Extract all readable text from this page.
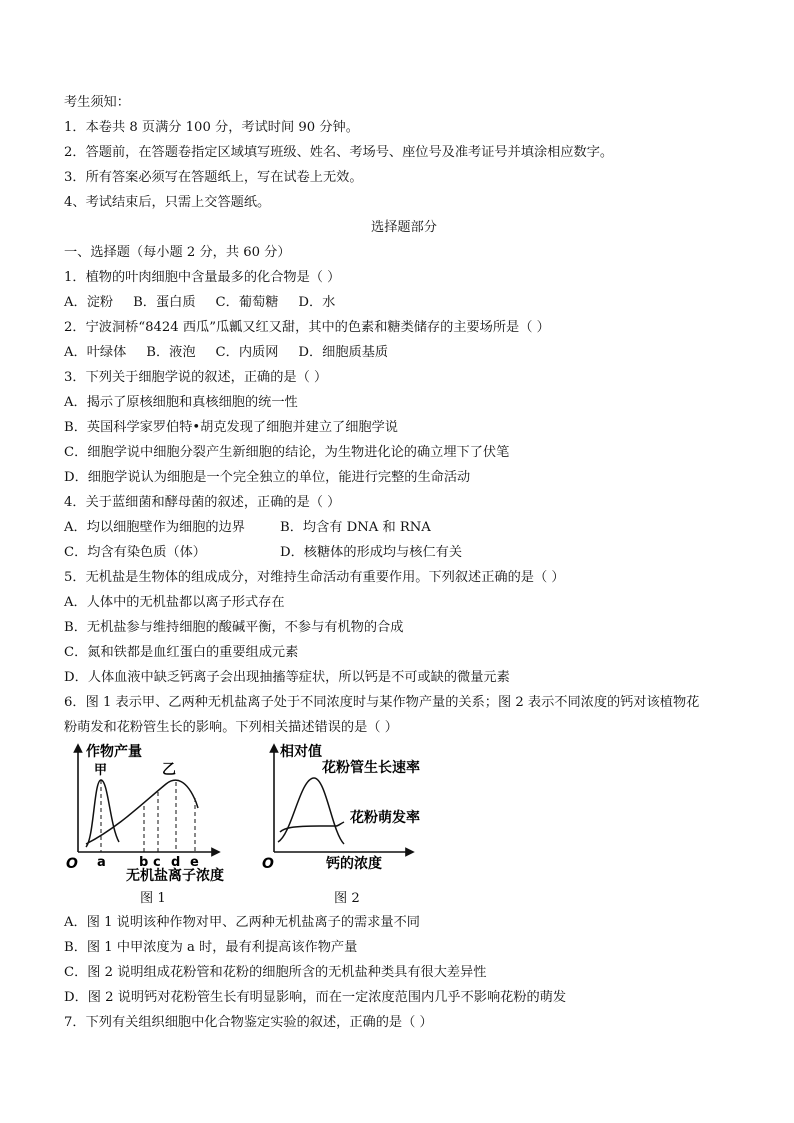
考生须知：
1．本卷共 8 页满分 100 分，考试时间 90 分钟。
2．答题前，在答题卷指定区域填写班级、姓名、考场号、座位号及准考证号并填涂相应数字。
3．所有答案必须写在答题纸上，写在试卷上无效。
4、考试结束后，只需上交答题纸。
选择题部分
一、选择题（每小题 2 分，共 60 分）
1．植物的叶肉细胞中含量最多的化合物是（ ）
A．淀粉 B．蛋白质 C．葡萄糖 D．水
2．宁波洞桥“8424 西瓜”瓜瓤又红又甜，其中的色素和糖类储存的主要场所是（ ）
A．叶绿体 B．液泡 C．内质网 D．细胞质基质
3．下列关于细胞学说的叙述，正确的是（ ）
A．揭示了原核细胞和真核细胞的统一性
B．英国科学家罗伯特•胡克发现了细胞并建立了细胞学说
C．细胞学说中细胞分裂产生新细胞的结论，为生物进化论的确立埋下了伏笔
D．细胞学说认为细胞是一个完全独立的单位，能进行完整的生命活动
4．关于蓝细菌和酵母菌的叙述，正确的是（ ）
A．均以细胞壁作为细胞的边界	B．均含有 DNA 和 RNA
C．均含有染色质（体）	D．核糖体的形成均与核仁有关
5．无机盐是生物体的组成成分，对维持生命活动有重要作用。下列叙述正确的是（ ）
A．人体中的无机盐都以离子形式存在
B．无机盐参与维持细胞的酸碱平衡，不参与有机物的合成
C．氮和铁都是血红蛋白的重要组成元素
D．人体血液中缺乏钙离子会出现抽搐等症状，所以钙是不可或缺的微量元素
6．图 1 表示甲、乙两种无机盐离子处于不同浓度时与某作物产量的关系；图 2 表示不同浓度的钙对该植物花
粉萌发和花粉管生长的影响。下列相关描述错误的是（ ）
作物产量
甲	乙
O a	b c d e
无机盐离子浓度
图 1
相对值
花粉管生长速率
花粉萌发率
O	钙的浓度
图 2
A．图 1 说明该种作物对甲、乙两种无机盐离子的需求量不同
B．图 1 中甲浓度为 a 时，最有利提高该作物产量
C．图 2 说明组成花粉管和花粉的细胞所含的无机盐种类具有很大差异性
D．图 2 说明钙对花粉管生长有明显影响，而在一定浓度范围内几乎不影响花粉的萌发
7．下列有关组织细胞中化合物鉴定实验的叙述，正确的是（ ）
